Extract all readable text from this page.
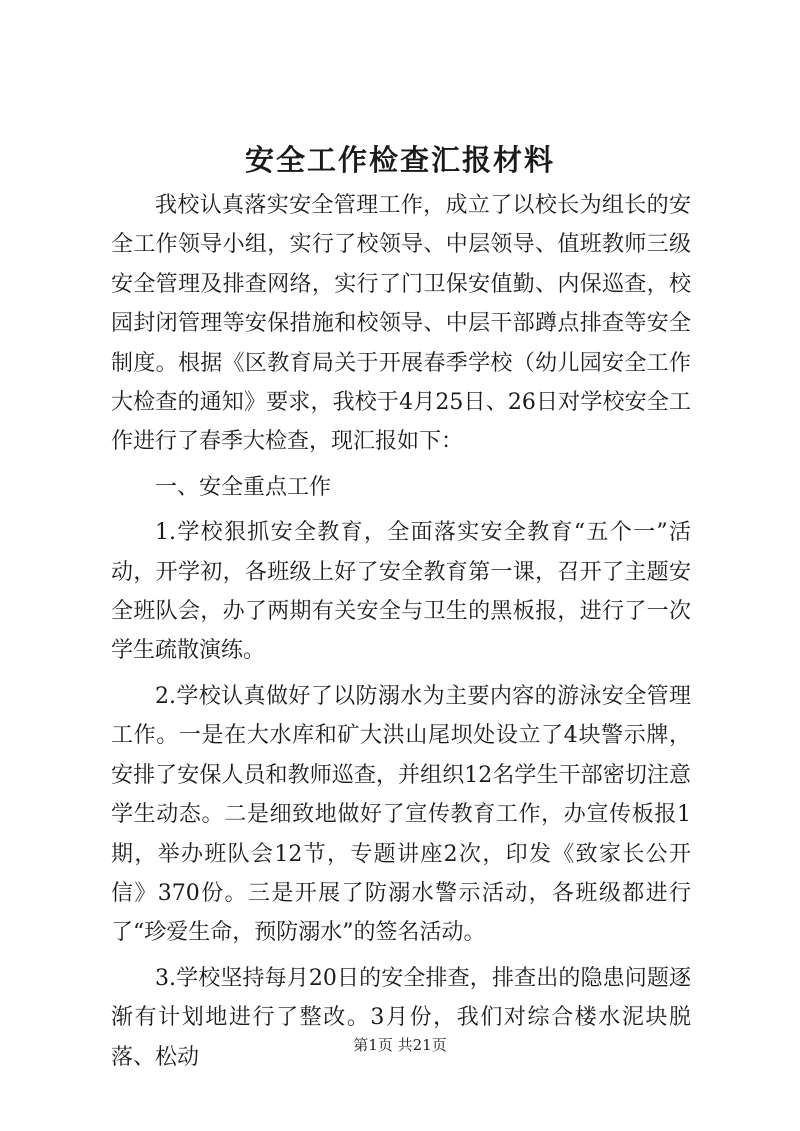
安全工作检查汇报材料

我校认真落实安全管理工作，成立了以校长为组长的安全工作领导小组，实行了校领导、中层领导、值班教师三级安全管理及排查网络，实行了门卫保安值勤、内保巡查，校园封闭管理等安保措施和校领导、中层干部蹲点排查等安全制度。根据《区教育局关于开展春季学校（幼儿园安全工作大检查的通知》要求，我校于4月25日、26日对学校安全工作进行了春季大检查，现汇报如下：

一、安全重点工作

1.学校狠抓安全教育，全面落实安全教育“五个一”活动，开学初，各班级上好了安全教育第一课，召开了主题安全班队会，办了两期有关安全与卫生的黑板报，进行了一次学生疏散演练。

2.学校认真做好了以防溺水为主要内容的游泳安全管理工作。一是在大水库和矿大洪山尾坝处设立了4块警示牌，安排了安保人员和教师巡查，并组织12名学生干部密切注意学生动态。二是细致地做好了宣传教育工作，办宣传板报1期，举办班队会12节，专题讲座2次，印发《致家长公开信》370份。三是开展了防溺水警示活动，各班级都进行了“珍爱生命，预防溺水”的签名活动。

3.学校坚持每月20日的安全排查，排查出的隐患问题逐渐有计划地进行了整改。3月份，我们对综合楼水泥块脱落、松动	第1页 共21页
